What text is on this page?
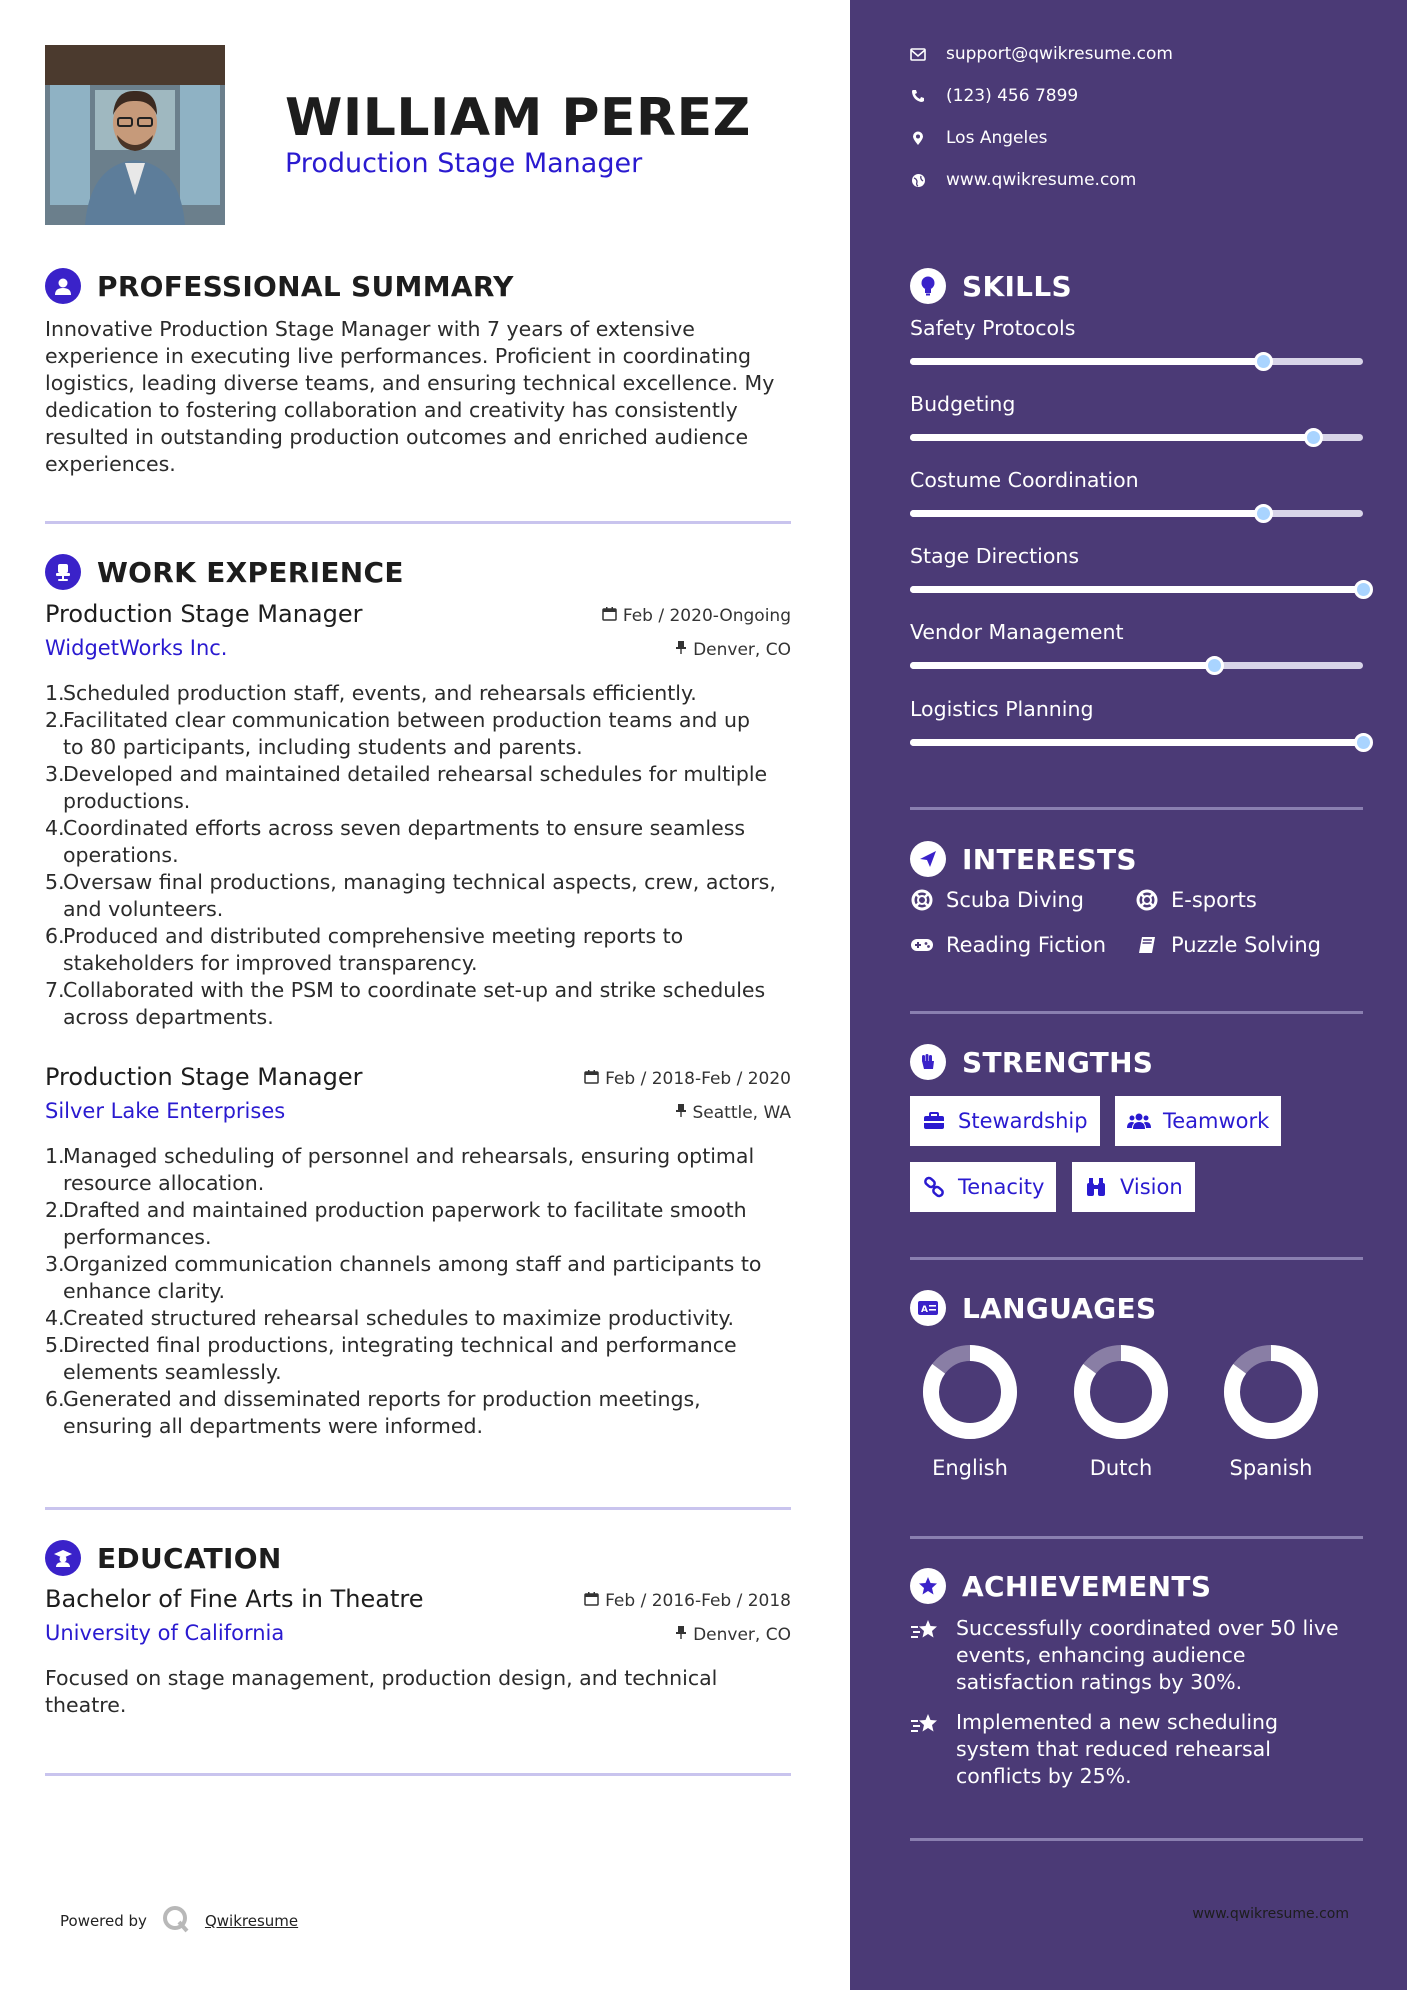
WILLIAM PEREZ
Production Stage Manager
PROFESSIONAL SUMMARY
Innovative Production Stage Manager with 7 years of extensive
experience in executing live performances. Proficient in coordinating
logistics, leading diverse teams, and ensuring technical excellence. My
dedication to fostering collaboration and creativity has consistently
resulted in outstanding production outcomes and enriched audience
experiences.
WORK EXPERIENCE
Production Stage Manager	Feb / 2020-Ongoing
WidgetWorks Inc.	Denver, CO
1.
Scheduled production staff, events, and rehearsals efficiently.
2.
Facilitated clear communication between production teams and up
to 80 participants, including students and parents.
3.
Developed and maintained detailed rehearsal schedules for multiple
productions.
4.
Coordinated efforts across seven departments to ensure seamless
operations.
5.
Oversaw final productions, managing technical aspects, crew, actors,
and volunteers.
6.
Produced and distributed comprehensive meeting reports to
stakeholders for improved transparency.
7.
Collaborated with the PSM to coordinate set-up and strike schedules
across departments.
Production Stage Manager	Feb / 2018-Feb / 2020
Silver Lake Enterprises	Seattle, WA
1.
Managed scheduling of personnel and rehearsals, ensuring optimal
resource allocation.
2.
Drafted and maintained production paperwork to facilitate smooth
performances.
3.
Organized communication channels among staff and participants to
enhance clarity.
4.
Created structured rehearsal schedules to maximize productivity.
5.
Directed final productions, integrating technical and performance
elements seamlessly.
6.
Generated and disseminated reports for production meetings,
ensuring all departments were informed.
EDUCATION
Bachelor of Fine Arts in Theatre	Feb / 2016-Feb / 2018
University of California	Denver, CO
Focused on stage management, production design, and technical
theatre.
Powered by	Qwikresume
support@qwikresume.com
(123) 456 7899
Los Angeles
www.qwikresume.com
SKILLS
Safety Protocols
Budgeting
Costume Coordination
Stage Directions
Vendor Management
Logistics Planning
INTERESTS
Scuba Diving	E-sports
Reading Fiction	Puzzle Solving
STRENGTHS
Stewardship	Teamwork
Tenacity	Vision
A LANGUAGES
English	Dutch	Spanish
ACHIEVEMENTS
Successfully coordinated over 50 live
events, enhancing audience
satisfaction ratings by 30%.
Implemented a new scheduling
system that reduced rehearsal
conflicts by 25%.
www.qwikresume.com
